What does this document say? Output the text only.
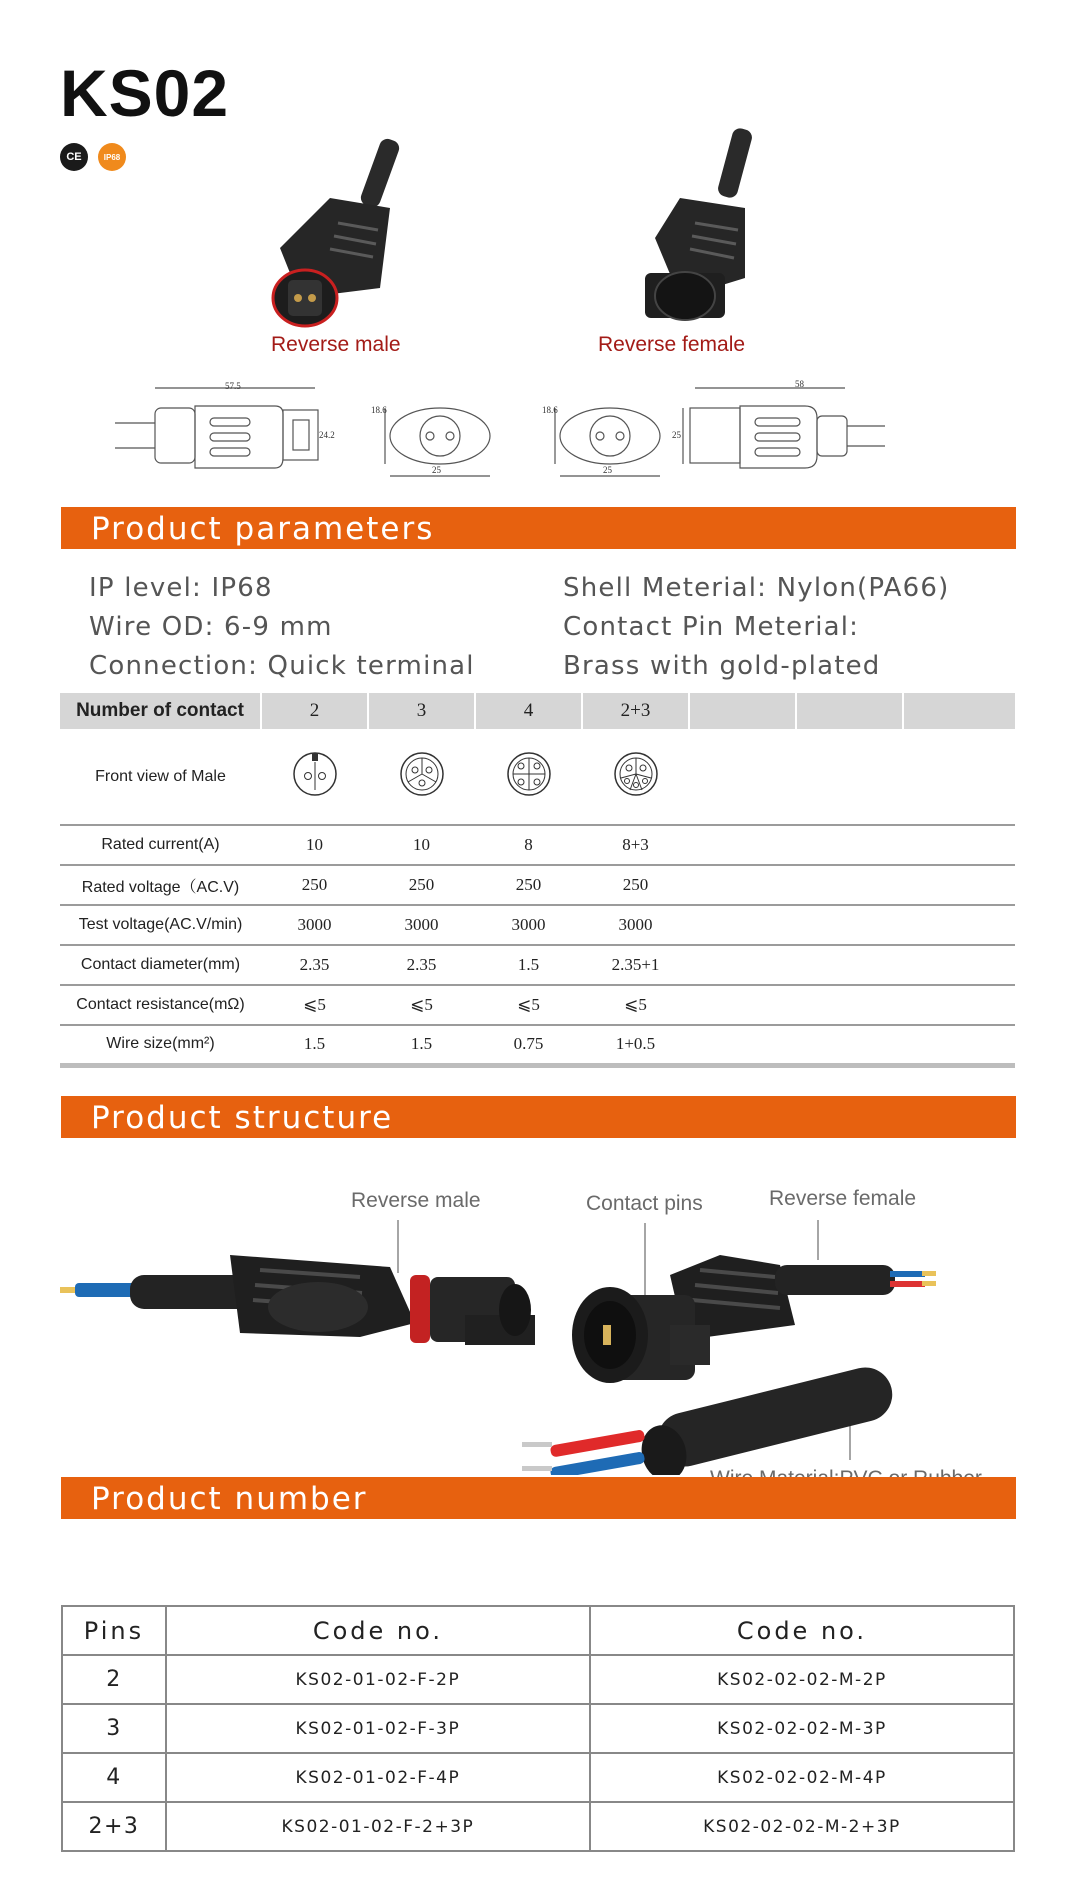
KS02
CE	IP68
Reverse male	Reverse female
57.5
24.2
18.6
25
18.6
25
58
25
Product parameters
IP level: IP68
Wire OD: 6-9 mm
Connection: Quick terminal
Shell Meterial: Nylon(PA66)
Contact Pin Meterial:
Brass with gold-plated
Number of contact	2	3	4	2+3			
Front view of Male							
Rated current(A)	10	10	8	8+3			
Rated voltage（AC.V)	250	250	250	250			
Test voltage(AC.V/min)	3000	3000	3000	3000			
Contact diameter(mm)	2.35	2.35	1.5	2.35+1			
Contact resistance(mΩ)	⩽5	⩽5	⩽5	⩽5			
Wire size(mm²)	1.5	1.5	0.75	1+0.5			
Product structure
Reverse male	Contact pins	Reverse female
Product number
Pins	Code no.	Code no.
2	KS02-01-02-F-2P	KS02-02-02-M-2P
3	KS02-01-02-F-3P	KS02-02-02-M-3P
4	KS02-01-02-F-4P	KS02-02-02-M-4P
2+3	KS02-01-02-F-2+3P	KS02-02-02-M-2+3P
